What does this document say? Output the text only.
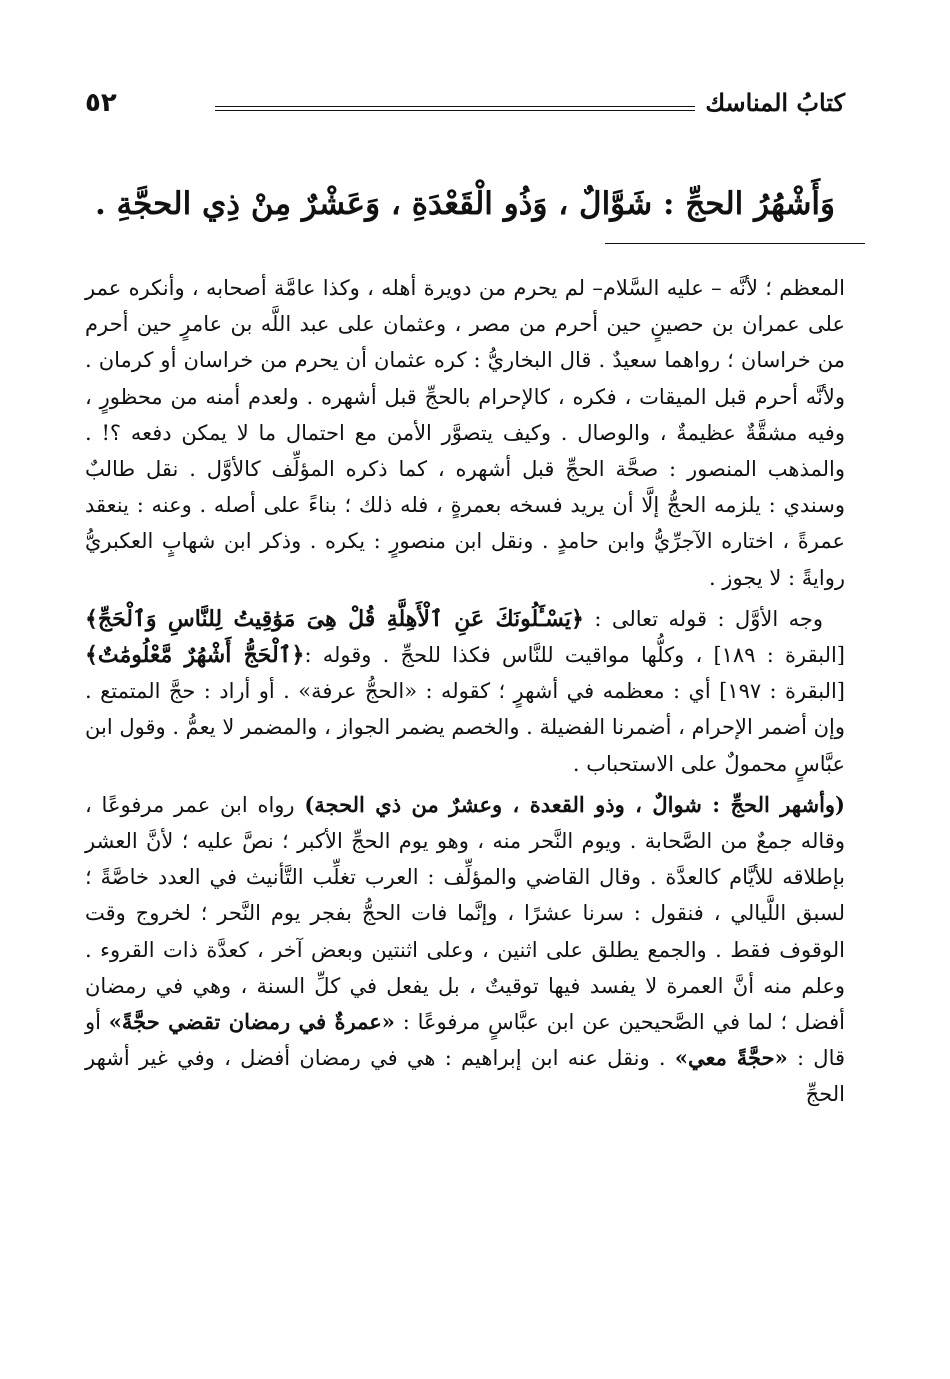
٥٢	كتابُ المناسك
وَأَشْهُرُ الحجِّ : شَوَّالٌ ، وَذُو الْقَعْدَةِ ، وَعَشْرٌ مِنْ ذِي الحجَّةِ .

المعظم ؛ لأنَّه – عليه السَّلام– لم يحرم من دويرة أهله ، وكذا عامَّة أصحابه ، وأنكره عمر على عمران بن حصينٍ حين أحرم من مصر ، وعثمان على عبد اللَّه بن عامرٍ حين أحرم من خراسان ؛ رواهما سعيدٌ . قال البخاريُّ : كره عثمان أن يحرم من خراسان أو كرمان . ولأنَّه أحرم قبل الميقات ، فكره ، كالإحرام بالحجِّ قبل أشهره . ولعدم أمنه من محظورٍ ، وفيه مشقَّةٌ عظيمةٌ ، والوصال . وكيف يتصوَّر الأمن مع احتمال ما لا يمكن دفعه ؟! . والمذهب المنصور : صحَّة الحجِّ قبل أشهره ، كما ذكره المؤلِّف كالأوَّل . نقل طالبٌ وسندي : يلزمه الحجُّ إلَّا أن يريد فسخه بعمرةٍ ، فله ذلك ؛ بناءً على أصله . وعنه : ينعقد عمرةً ، اختاره الآجرِّيُّ وابن حامدٍ . ونقل ابن منصورٍ : يكره . وذكر ابن شهابٍ العكبريُّ روايةً : لا يجوز .

وجه الأوَّل : قوله تعالى : ﴿يَسْـَٔلُونَكَ عَنِ ٱلْأَهِلَّةِ قُلْ هِىَ مَوَٰقِيتُ لِلنَّاسِ وَٱلْحَجِّ﴾ [البقرة : ١٨٩] ، وكلُّها مواقيت للنَّاس فكذا للحجِّ . وقوله :﴿ٱلْحَجُّ أَشْهُرٌ مَّعْلُومَٰتٌ﴾ [البقرة : ١٩٧] أي : معظمه في أشهرٍ ؛ كقوله : «الحجُّ عرفة» . أو أراد : حجَّ المتمتع . وإن أضمر الإحرام ، أضمرنا الفضيلة . والخصم يضمر الجواز ، والمضمر لا يعمُّ . وقول ابن عبَّاسٍ محمولٌ على الاستحباب .

(وأشهر الحجِّ : شوالٌ ، وذو القعدة ، وعشرٌ من ذي الحجة) رواه ابن عمر مرفوعًا ، وقاله جمعٌ من الصَّحابة . ويوم النَّحر منه ، وهو يوم الحجِّ الأكبر ؛ نصَّ عليه ؛ لأنَّ العشر بإطلاقه للأيَّام كالعدَّة . وقال القاضي والمؤلِّف : العرب تغلِّب التَّأنيث في العدد خاصَّةً ؛ لسبق اللَّيالي ، فنقول : سرنا عشرًا ، وإنَّما فات الحجُّ بفجر يوم النَّحر ؛ لخروج وقت الوقوف فقط . والجمع يطلق على اثنين ، وعلى اثنتين وبعض آخر ، كعدَّة ذات القروء . وعلم منه أنَّ العمرة لا يفسد فيها توقيتٌ ، بل يفعل في كلِّ السنة ، وهي في رمضان أفضل ؛ لما في الصَّحيحين عن ابن عبَّاسٍ مرفوعًا : «عمرةٌ في رمضان تقضي حجَّةً» أو قال : «حجَّةً معي» . ونقل عنه ابن إبراهيم : هي في رمضان أفضل ، وفي غير أشهر الحجِّ
